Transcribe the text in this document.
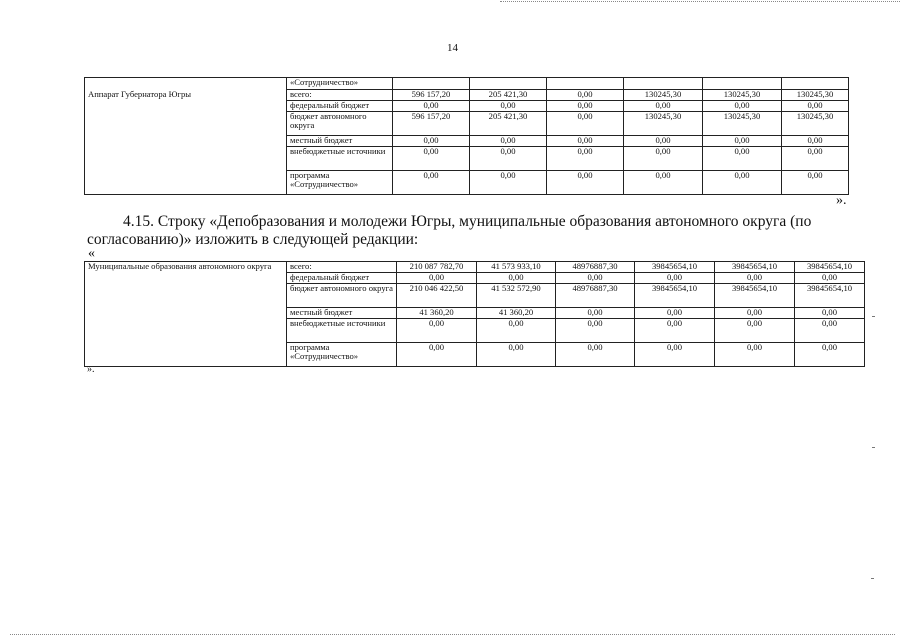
14
	«Сотрудничество»						
Аппарат Губернатора Югры	всего:	596 157,20	205 421,30	0,00	130245,30	130245,30	130245,30
	федеральный бюджет	0,00	0,00	0,00	0,00	0,00	0,00
	бюджет автономного округа	596 157,20	205 421,30	0,00	130245,30	130245,30	130245,30
	местный бюджет	0,00	0,00	0,00	0,00	0,00	0,00
	внебюджетные источники	0,00	0,00	0,00	0,00	0,00	0,00
	программа «Сотрудничество»	0,00	0,00	0,00	0,00	0,00	0,00
».
4.15. Строку «Депобразования и молодежи Югры, муниципальные образования автономного округа (по
согласованию)» изложить в следующей редакции:
«
Муниципальные образования автономного округа	всего:	210 087 782,70	41 573 933,10	48976887,30	39845654,10	39845654,10	39845654,10
	федеральный бюджет	0,00	0,00	0,00	0,00	0,00	0,00
	бюджет автономного округа	210 046 422,50	41 532 572,90	48976887,30	39845654,10	39845654,10	39845654,10
	местный бюджет	41 360,20	41 360,20	0,00	0,00	0,00	0,00
	внебюджетные источники	0,00	0,00	0,00	0,00	0,00	0,00
	программа «Сотрудничество»	0,00	0,00	0,00	0,00	0,00	0,00
».
